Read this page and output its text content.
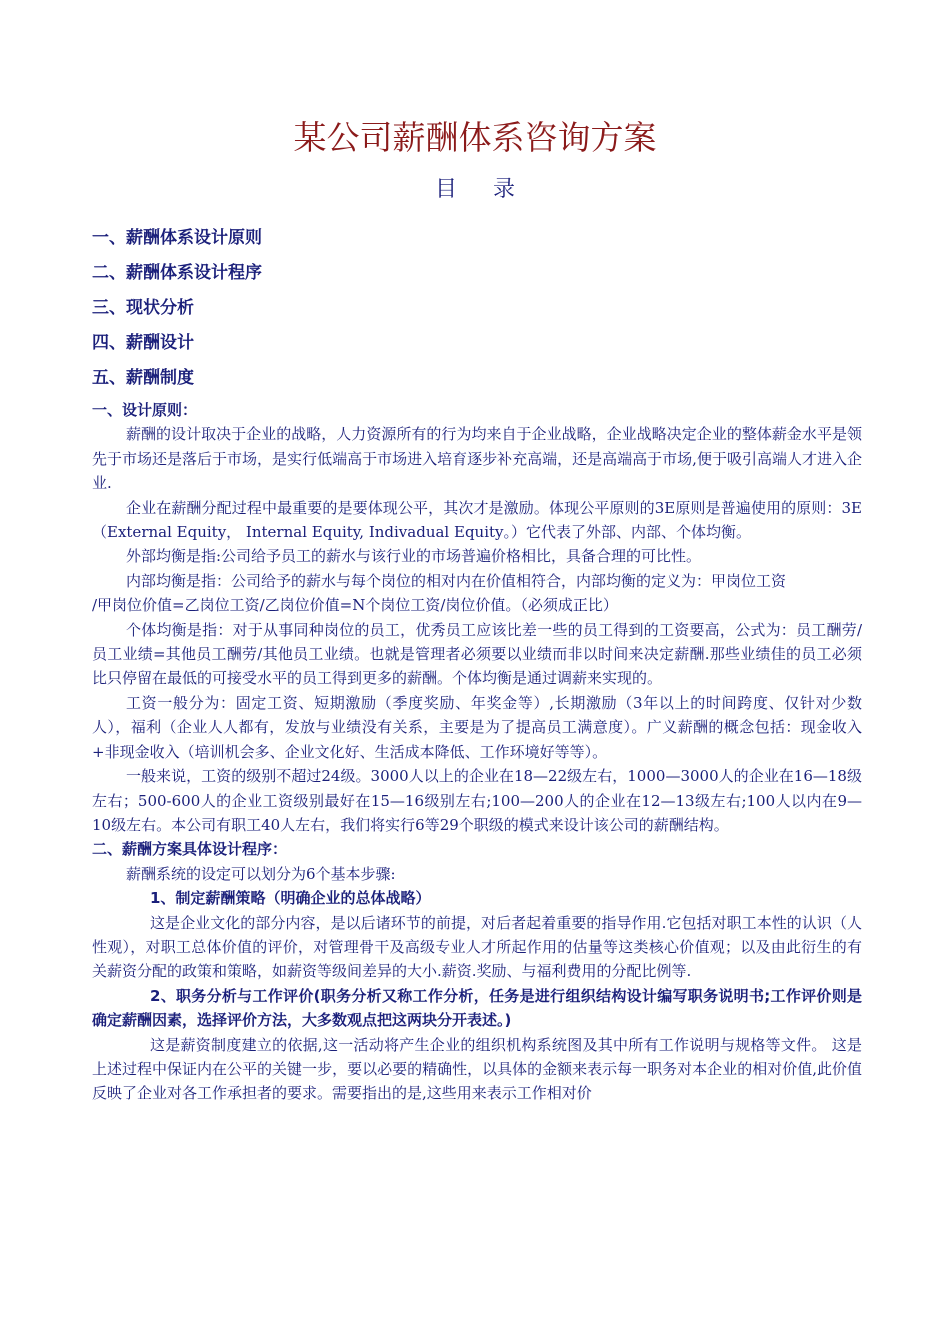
某公司薪酬体系咨询方案
目 录
一、薪酬体系设计原则
二、薪酬体系设计程序
三、现状分析
四、薪酬设计
五、薪酬制度

一、设计原则：

薪酬的设计取决于企业的战略，人力资源所有的行为均来自于企业战略，企业战略决定企业的整体薪金水平是领先于市场还是落后于市场，是实行低端高于市场进入培育逐步补充高端，还是高端高于市场,便于吸引高端人才进入企业.

企业在薪酬分配过程中最重要的是要体现公平，其次才是激励。体现公平原则的3E原则是普遍使用的原则：3E（External Equity， Internal Equity, Indivadual Equity。）它代表了外部、内部、个体均衡。

外部均衡是指:公司给予员工的薪水与该行业的市场普遍价格相比，具备合理的可比性。

内部均衡是指：公司给予的薪水与每个岗位的相对内在价值相符合，内部均衡的定义为：甲岗位工资

/甲岗位价值=乙岗位工资/乙岗位价值=N个岗位工资/岗位价值。（必须成正比）

个体均衡是指：对于从事同种岗位的员工，优秀员工应该比差一些的员工得到的工资要高，公式为：员工酬劳/员工业绩=其他员工酬劳/其他员工业绩。也就是管理者必须要以业绩而非以时间来决定薪酬.那些业绩佳的员工必须比只停留在最低的可接受水平的员工得到更多的薪酬。个体均衡是通过调薪来实现的。

工资一般分为：固定工资、短期激励（季度奖励、年奖金等）,长期激励（3年以上的时间跨度、仅针对少数人），福利（企业人人都有，发放与业绩没有关系，主要是为了提高员工满意度）。广义薪酬的概念包括：现金收入+非现金收入（培训机会多、企业文化好、生活成本降低、工作环境好等等）。

一般来说，工资的级别不超过24级。3000人以上的企业在18—22级左右，1000—3000人的企业在16—18级左右；500-600人的企业工资级别最好在15—16级别左右;100—200人的企业在12—13级左右;100人以内在9—10级左右。本公司有职工40人左右，我们将实行6等29个职级的模式来设计该公司的薪酬结构。

二、薪酬方案具体设计程序：

薪酬系统的设定可以划分为6个基本步骤:

1、制定薪酬策略（明确企业的总体战略）

这是企业文化的部分内容，是以后诸环节的前提，对后者起着重要的指导作用.它包括对职工本性的认识（人性观），对职工总体价值的评价，对管理骨干及高级专业人才所起作用的估量等这类核心价值观；以及由此衍生的有关薪资分配的政策和策略，如薪资等级间差异的大小.薪资.奖励、与福利费用的分配比例等.

2、职务分析与工作评价(职务分析又称工作分析，任务是进行组织结构设计编写职务说明书;工作评价则是确定薪酬因素，选择评价方法，大多数观点把这两块分开表述。)

这是薪资制度建立的依据,这一活动将产生企业的组织机构系统图及其中所有工作说明与规格等文件。 这是上述过程中保证内在公平的关键一步，要以必要的精确性，以具体的金额来表示每一职务对本企业的相对价值,此价值反映了企业对各工作承担者的要求。需要指出的是,这些用来表示工作相对价
